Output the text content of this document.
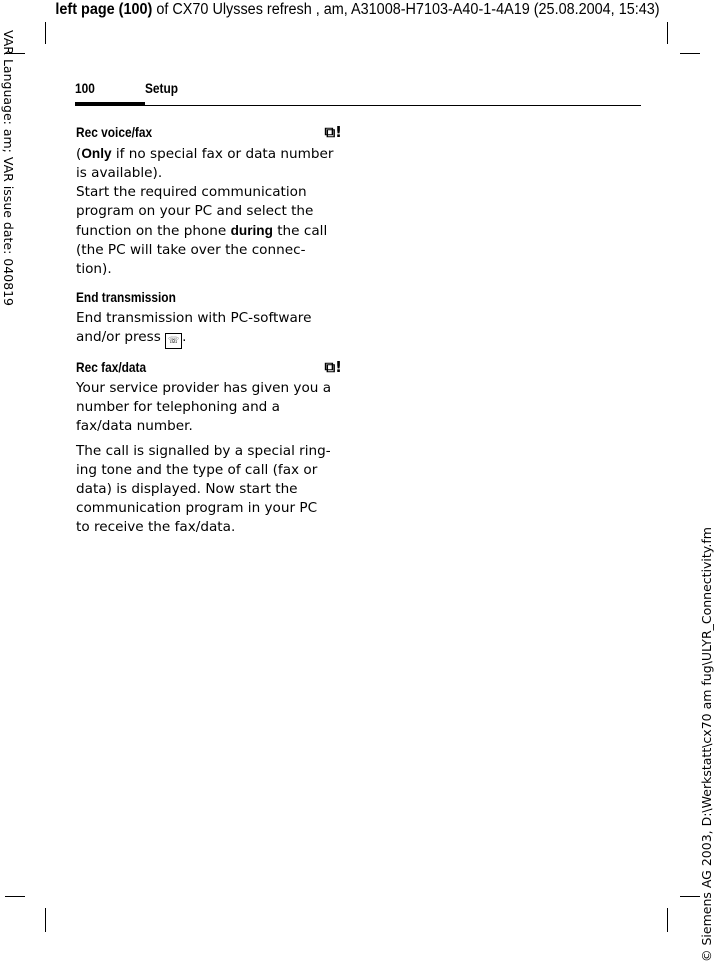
left page (100) of CX70 Ulysses refresh , am, A31008-H7103-A40-1-4A19 (25.08.2004, 15:43)
VAR Language: am; VAR issue date: 040819
© Siemens AG 2003, D:\Werkstatt\cx70 am fug\ULYR_Connectivity.fm
100	Setup
Rec voice/fax	⧉!
(Only if no special fax or data number
is available).
Start the required communication
program on your PC and select the
function on the phone during the call
(the PC will take over the connec-
tion).
End transmission
End transmission with PC-software
and/or press ☏ .
Rec fax/data	⧉!
Your service provider has given you a
number for telephoning and a
fax/data number.
The call is signalled by a special ring-
ing tone and the type of call (fax or
data) is displayed. Now start the
communication program in your PC
to receive the fax/data.
